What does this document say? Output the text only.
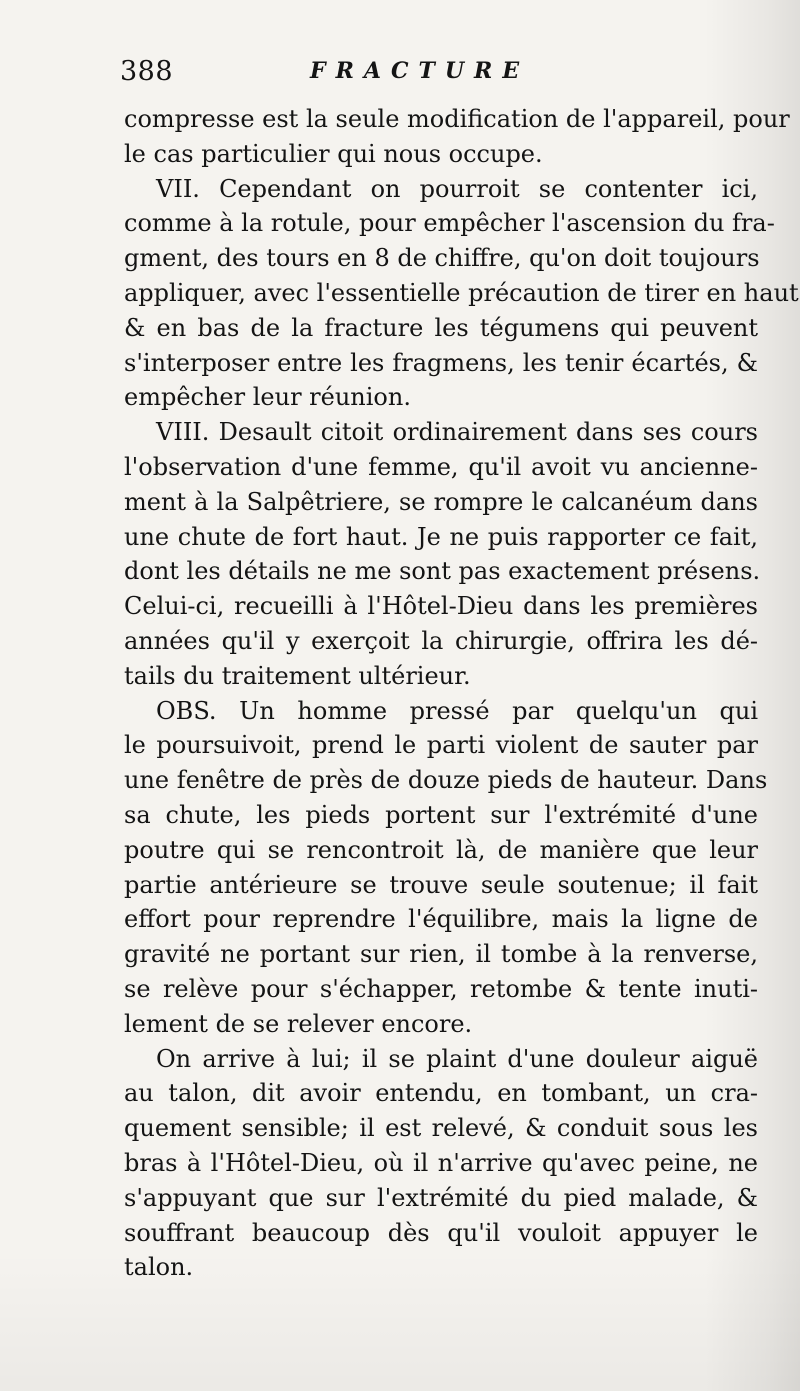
388	FRACTURE
compresse est la seule modification de l'appareil, pour
le cas particulier qui nous occupe.
VII. Cependant on pourroit se contenter ici,
comme à la rotule, pour empêcher l'ascension du fra-
gment, des tours en 8 de chiffre, qu'on doit toujours
appliquer, avec l'essentielle précaution de tirer en haut
& en bas de la fracture les tégumens qui peuvent
s'interposer entre les fragmens, les tenir écartés, &
empêcher leur réunion.
VIII. Desault citoit ordinairement dans ses cours
l'observation d'une femme, qu'il avoit vu ancienne-
ment à la Salpêtriere, se rompre le calcanéum dans
une chute de fort haut. Je ne puis rapporter ce fait,
dont les détails ne me sont pas exactement présens.
Celui-ci, recueilli à l'Hôtel-Dieu dans les premières
années qu'il y exerçoit la chirurgie, offrira les dé-
tails du traitement ultérieur.
OBS. Un homme pressé par quelqu'un qui
le poursuivoit, prend le parti violent de sauter par
une fenêtre de près de douze pieds de hauteur. Dans
sa chute, les pieds portent sur l'extrémité d'une
poutre qui se rencontroit là, de manière que leur
partie antérieure se trouve seule soutenue; il fait
effort pour reprendre l'équilibre, mais la ligne de
gravité ne portant sur rien, il tombe à la renverse,
se relève pour s'échapper, retombe & tente inuti-
lement de se relever encore.
On arrive à lui; il se plaint d'une douleur aiguë
au talon, dit avoir entendu, en tombant, un cra-
quement sensible; il est relevé, & conduit sous les
bras à l'Hôtel-Dieu, où il n'arrive qu'avec peine, ne
s'appuyant que sur l'extrémité du pied malade, &
souffrant beaucoup dès qu'il vouloit appuyer le
talon.
